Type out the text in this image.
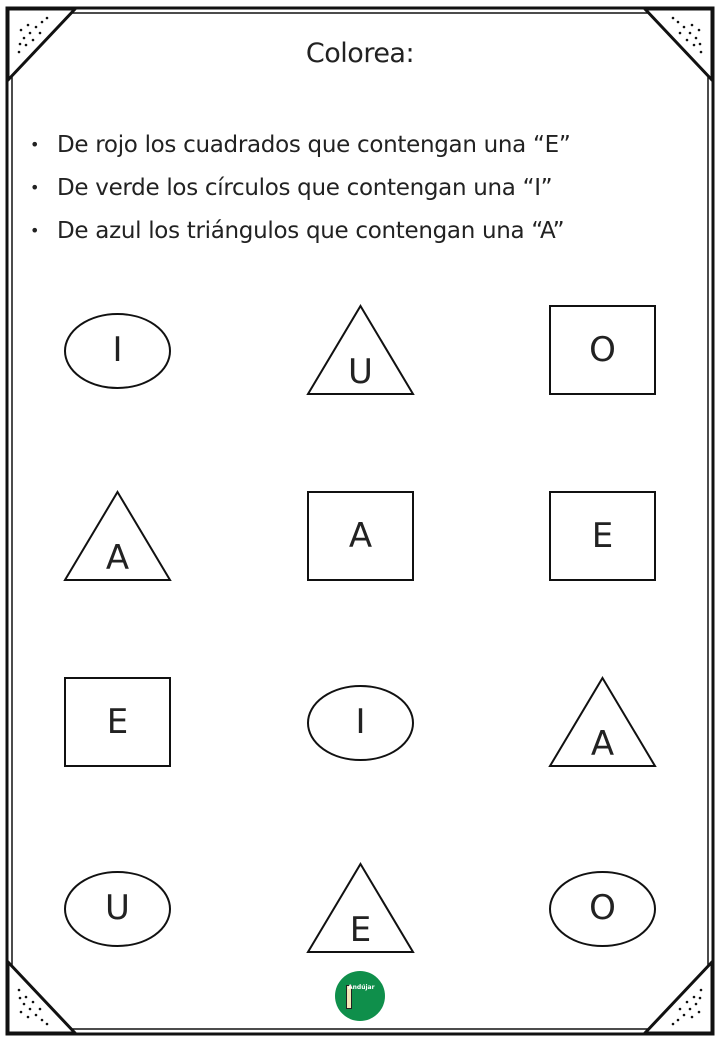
Colorea:
• De rojo los cuadrados que contengan una “E”
• De verde los círculos que contengan una “I”
• De azul los triángulos que contengan una “A”
I
U
O
A
A	E
E	I
A
U
E
O
Andújar
